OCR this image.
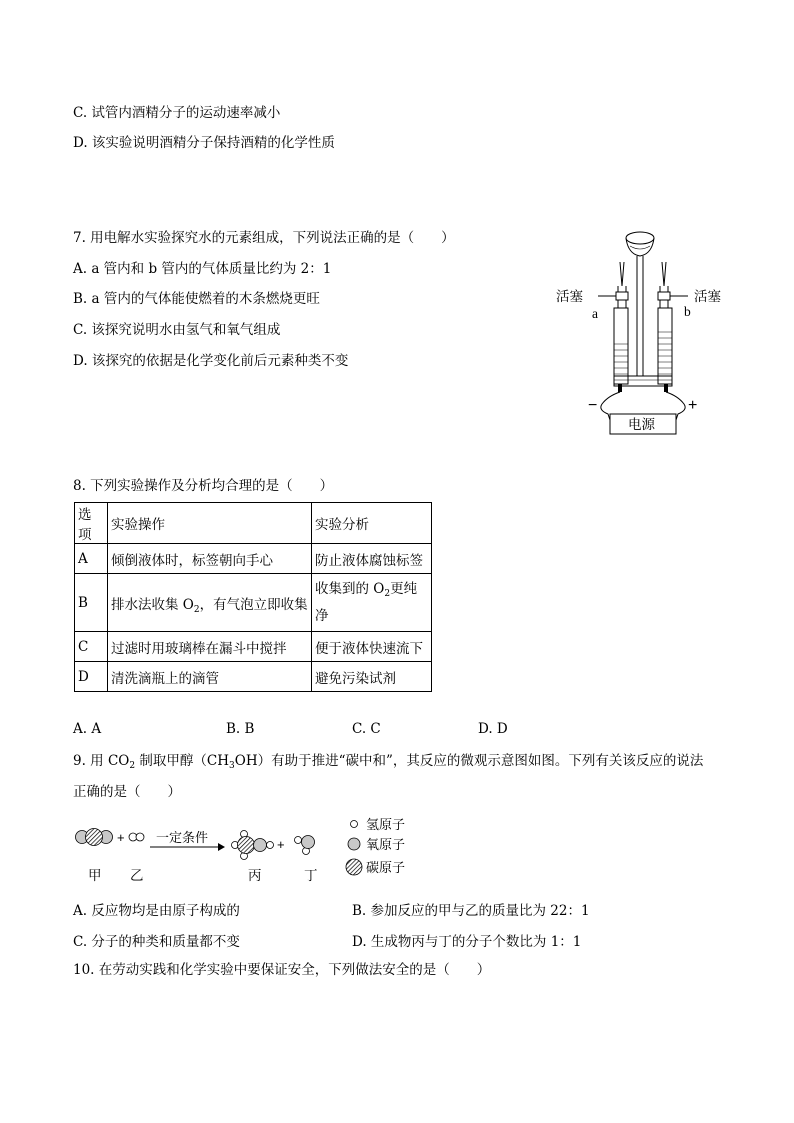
C. 试管内酒精分子的运动速率减小
D. 该实验说明酒精分子保持酒精的化学性质
7. 用电解水实验探究水的元素组成，下列说法正确的是（　　）
A. a 管内和 b 管内的气体质量比约为 2：1
B. a 管内的气体能使燃着的木条燃烧更旺
C. 该探究说明水由氢气和氧气组成
D. 该探究的依据是化学变化前后元素种类不变
活塞	活塞
a	b
−	+
电源
8. 下列实验操作及分析均合理的是（　　）
选项	实验操作	实验分析
A	倾倒液体时，标签朝向手心	防止液体腐蚀标签
B	排水法收集 $O_2$，有气泡立即收集	收集到的 $O_2$更纯
净
C	过滤时用玻璃棒在漏斗中搅拌	便于液体快速流下
D	清洗滴瓶上的滴管	避免污染试剂
A. A	B. B	C. C	D. D
9. 用 $CO_2$ 制取甲醇$(CH_3OH)$有助于推进“碳中和”，其反应的微观示意图如图。下列有关该反应的说法
正确的是（　　）
+ 一定条件	+
甲 乙	丙	丁
氢原子
氧原子
碳原子
A. 反应物均是由原子构成的	B. 参加反应的甲与乙的质量比为 22：1
C. 分子的种类和质量都不变	D. 生成物丙与丁的分子个数比为 1：1
10. 在劳动实践和化学实验中要保证安全，下列做法安全的是（　　）
